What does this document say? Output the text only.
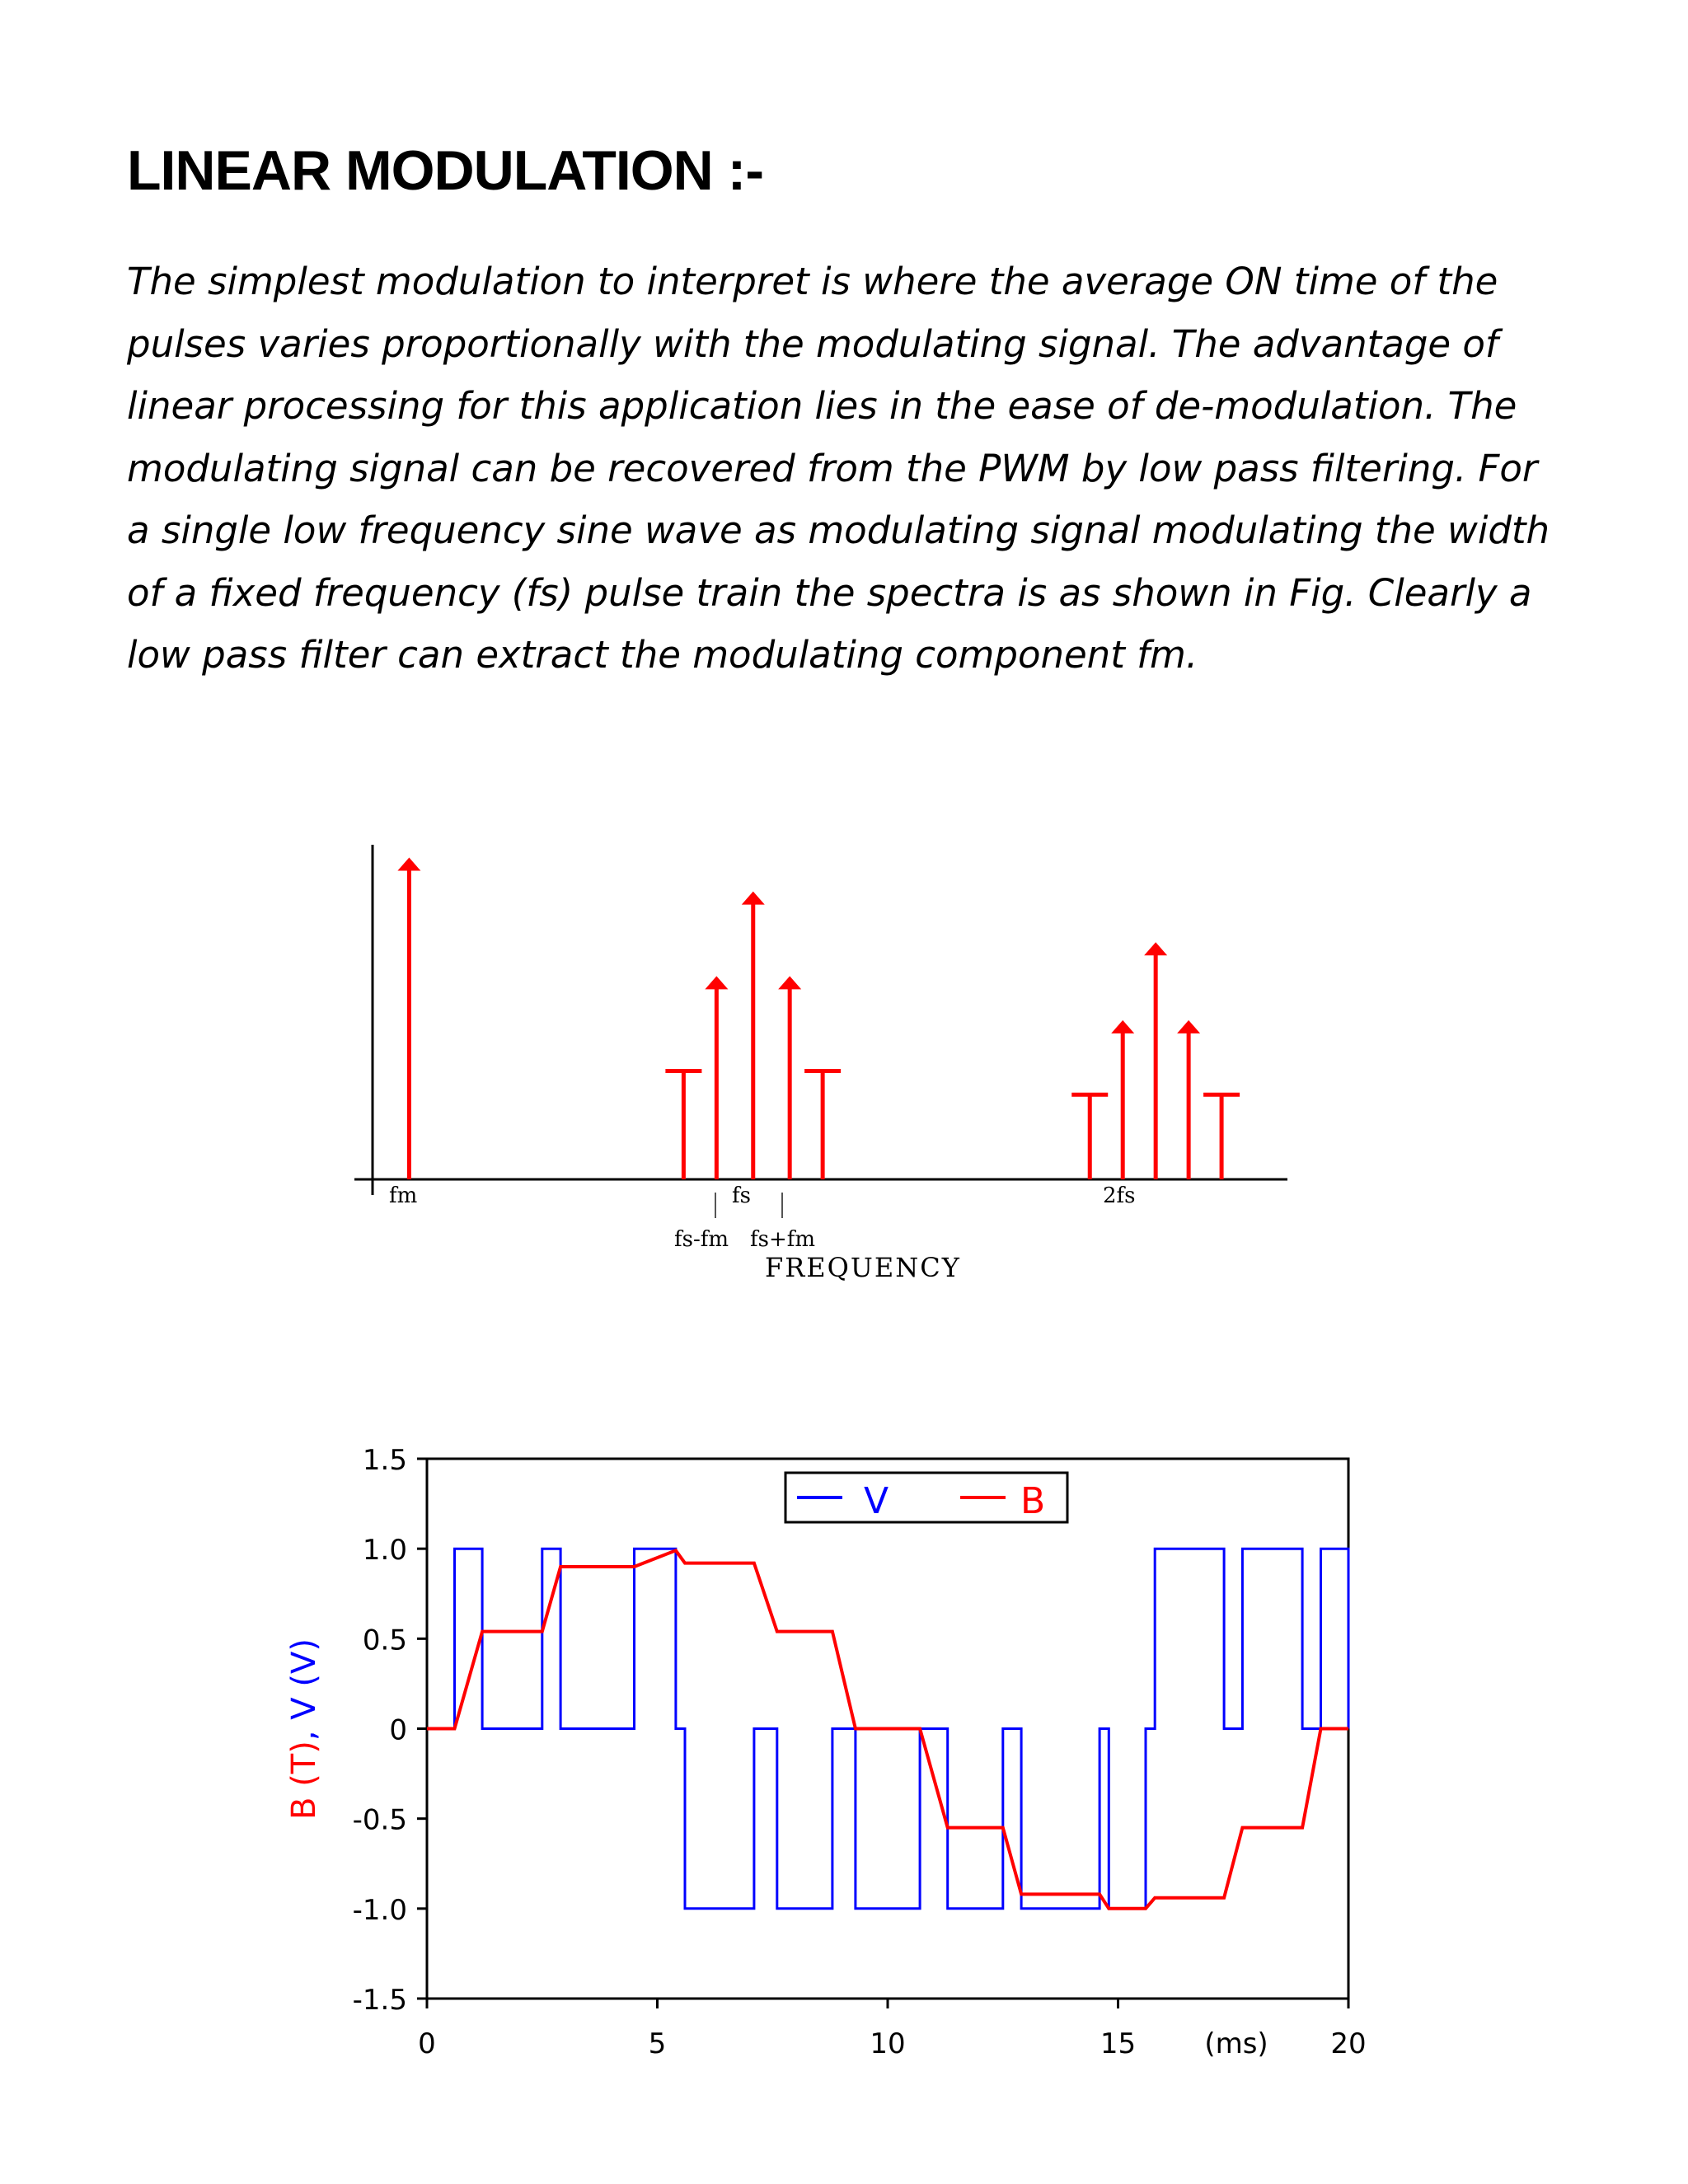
LINEAR MODULATION :-

The simplest modulation to interpret is where the average ON time of the
pulses varies proportionally with the modulating signal. The advantage of
linear processing for this application lies in the ease of de-modulation. The
modulating signal can be recovered from the PWM by low pass filtering. For
a single low frequency sine wave as modulating signal modulating the width
of a fixed frequency (fs) pulse train the spectra is as shown in Fig. Clearly a
low pass filter can extract the modulating component fm.

fm	fs	2fs
fs-fm fs+fm
FREQUENCY
1.5
1.0
0.5
0
-0.5
-1.0
-1.5
0	5	10	15	20
V	B
(ms)
B (T), V (V)
